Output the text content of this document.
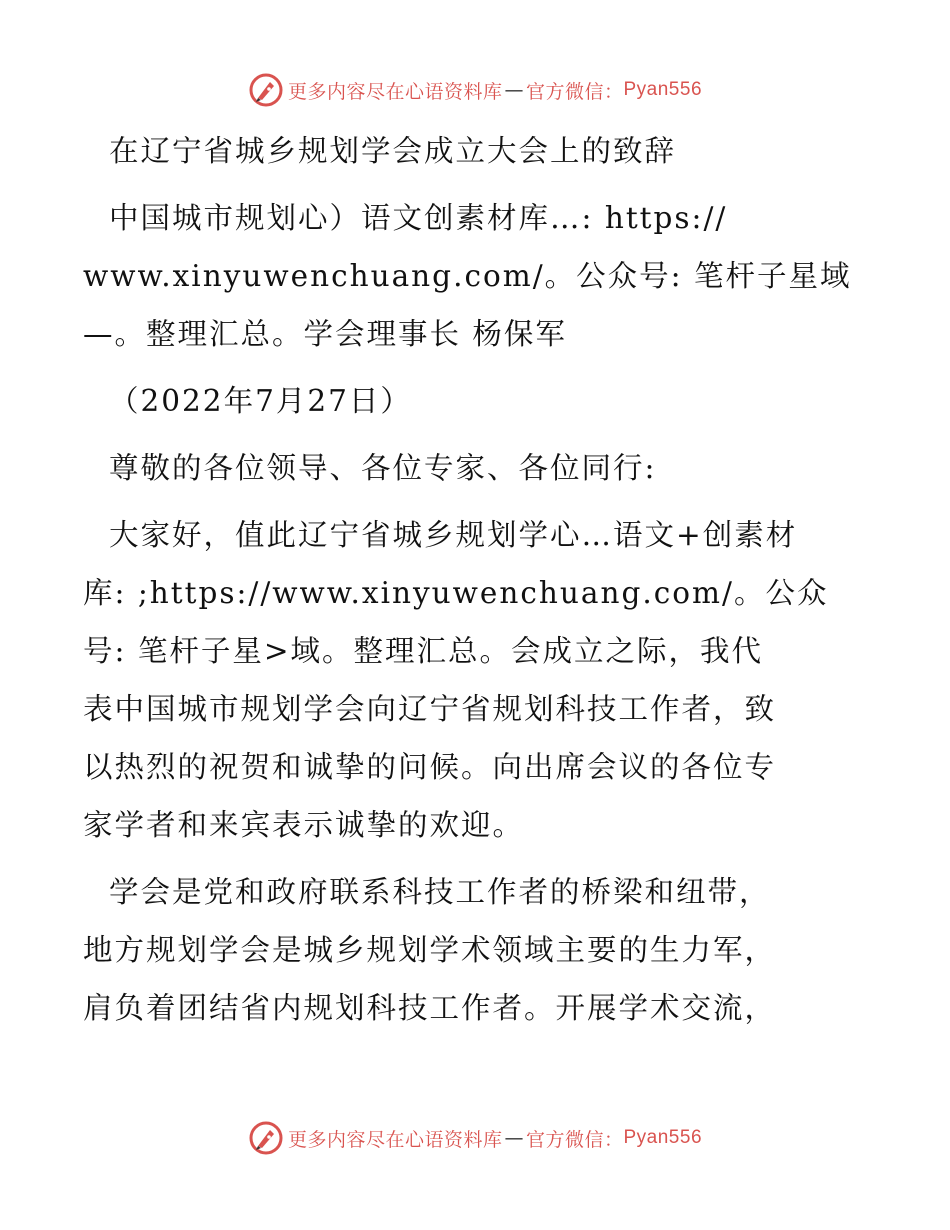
更多内容尽在心语资料库 — 官方微信： Pyan556

在辽宁省城乡规划学会成立大会上的致辞

中国城市规划心）语文创素材库…: https://
www.xinyuwenchuang.com/。公众号: 笔杆子星域
—。整理汇总。学会理事长 杨保军

（2022年7月27日）

尊敬的各位领导、各位专家、各位同行:

大家好，值此辽宁省城乡规划学心…语文+创素材
库: ;https://www.xinyuwenchuang.com/。公众
号: 笔杆子星>域。整理汇总。会成立之际，我代
表中国城市规划学会向辽宁省规划科技工作者，致
以热烈的祝贺和诚挚的问候。向出席会议的各位专
家学者和来宾表示诚挚的欢迎。

学会是党和政府联系科技工作者的桥梁和纽带，
地方规划学会是城乡规划学术领域主要的生力军，
肩负着团结省内规划科技工作者。开展学术交流，

更多内容尽在心语资料库 — 官方微信： Pyan556
